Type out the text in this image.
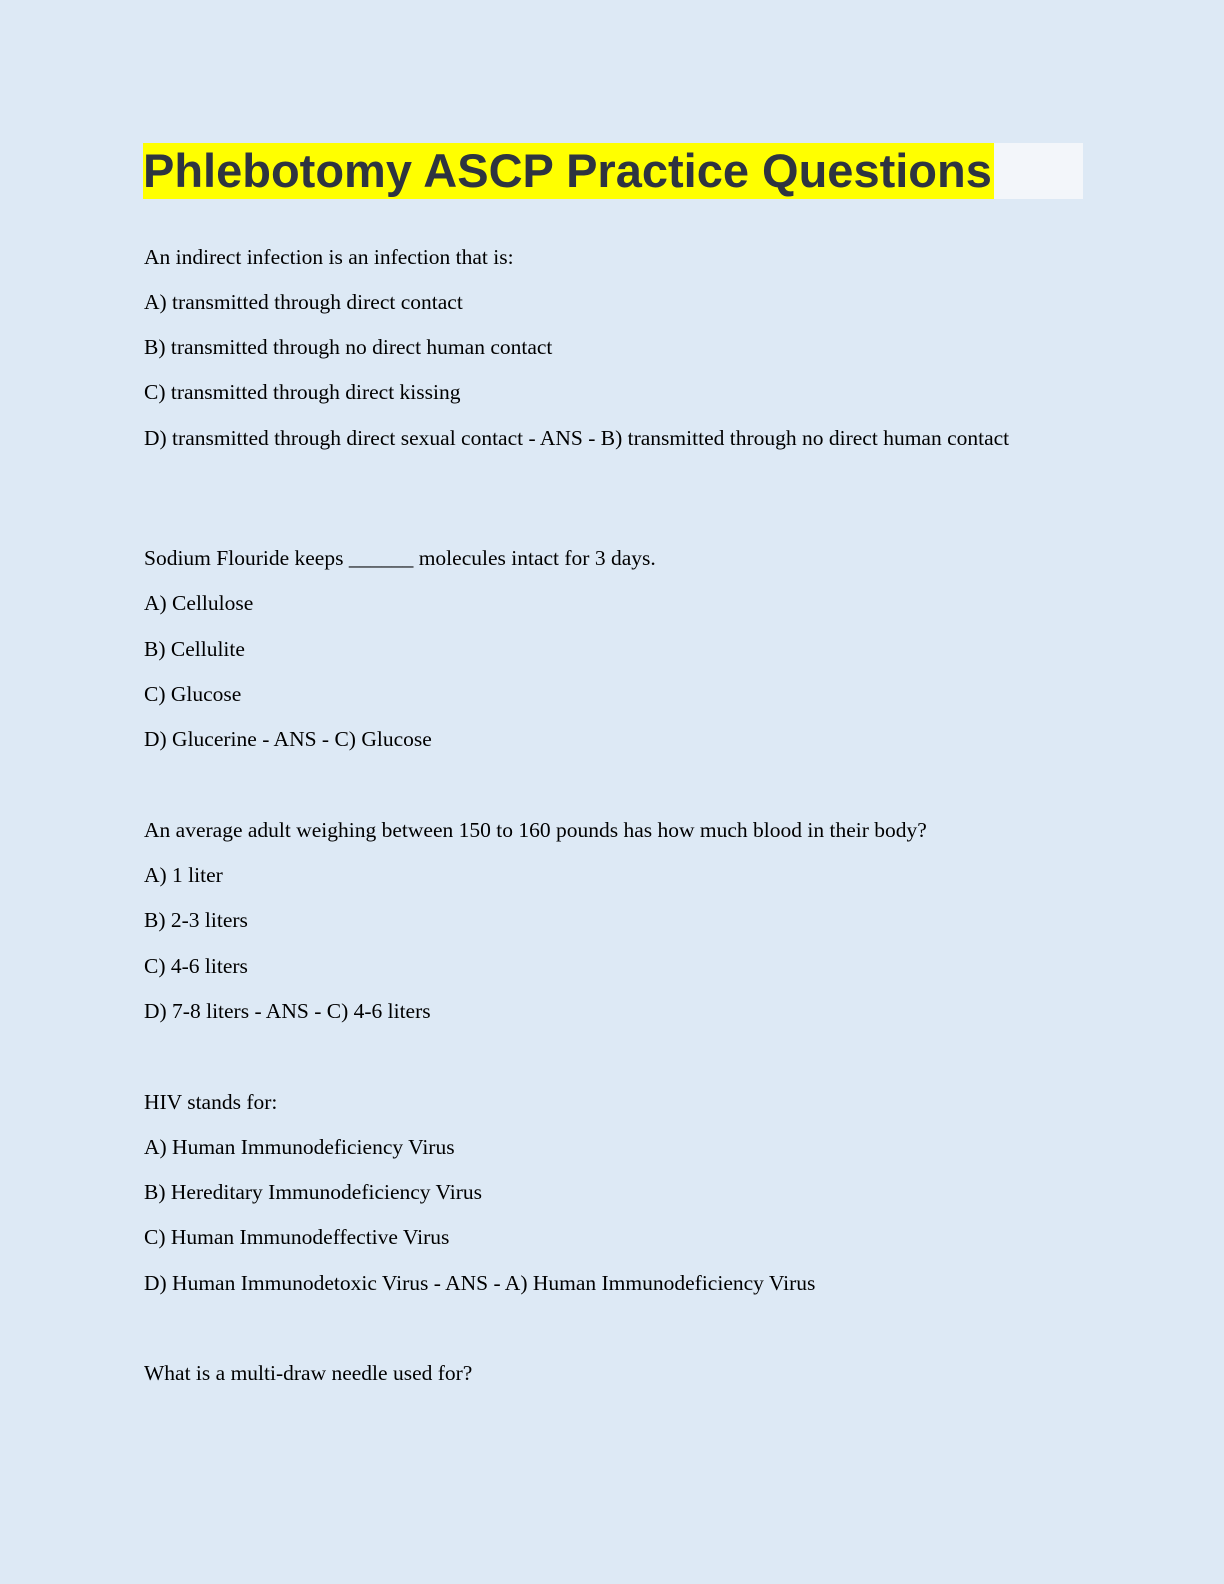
Phlebotomy ASCP Practice Questions
An indirect infection is an infection that is:
A) transmitted through direct contact
B) transmitted through no direct human contact
C) transmitted through direct kissing
D) transmitted through direct sexual contact - ANS - B) transmitted through no direct human contact
Sodium Flouride keeps ______ molecules intact for 3 days.
A) Cellulose
B) Cellulite
C) Glucose
D) Glucerine - ANS - C) Glucose
An average adult weighing between 150 to 160 pounds has how much blood in their body?
A) 1 liter
B) 2-3 liters
C) 4-6 liters
D) 7-8 liters - ANS - C) 4-6 liters
HIV stands for:
A) Human Immunodeficiency Virus
B) Hereditary Immunodeficiency Virus
C) Human Immunodeffective Virus
D) Human Immunodetoxic Virus - ANS - A) Human Immunodeficiency Virus
What is a multi-draw needle used for?
